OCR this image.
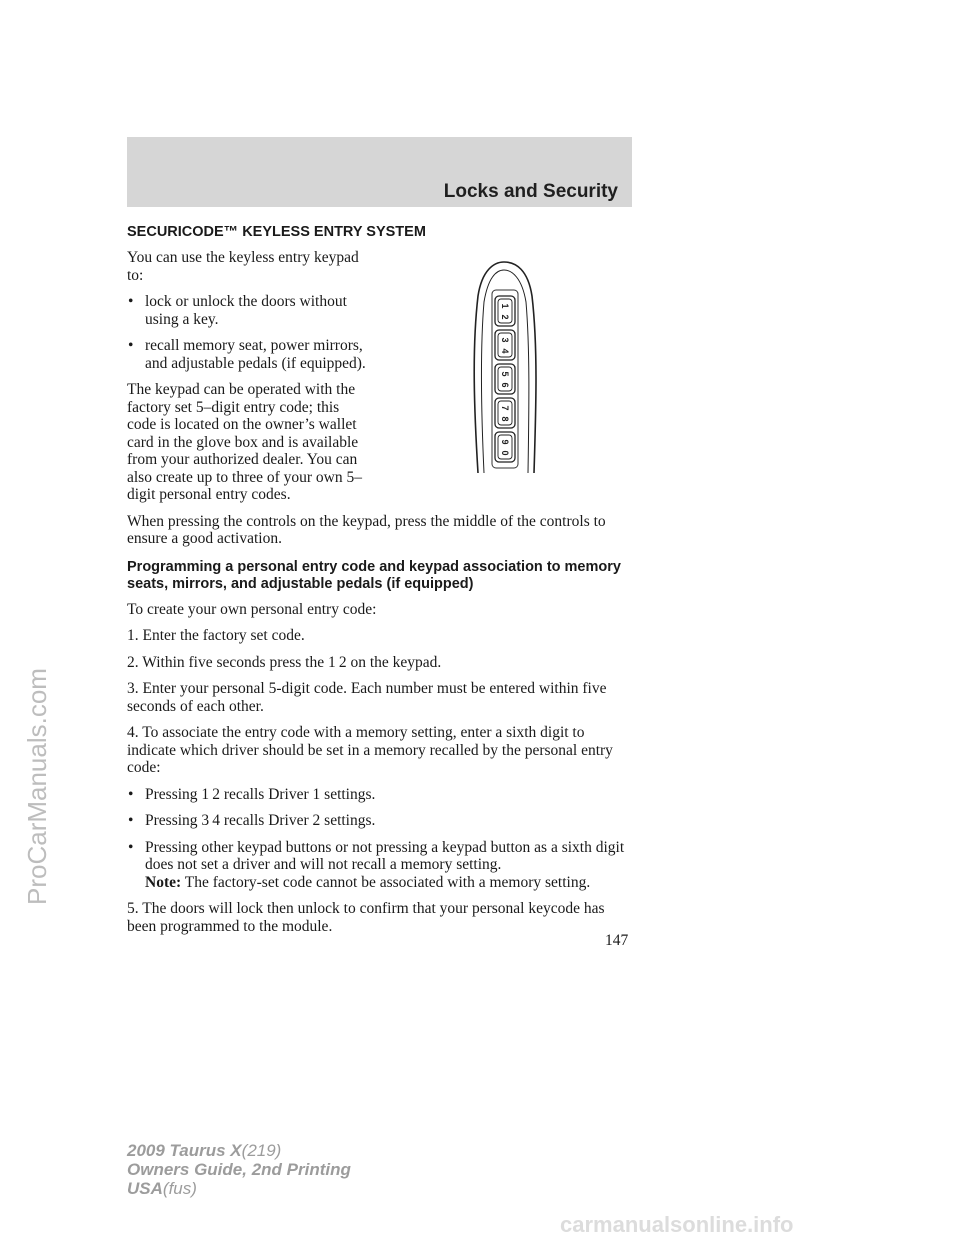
Locks and Security
SECURICODE™ KEYLESS ENTRY SYSTEM

You can use the keyless entry keypad to:

• lock or unlock the doors without using a key.
• recall memory seat, power mirrors, and adjustable pedals (if equipped).

The keypad can be operated with the factory set 5–digit entry code; this code is located on the owner’s wallet card in the glove box and is available from your authorized dealer. You can also create up to three of your own 5–digit personal entry codes.

When pressing the controls on the keypad, press the middle of the controls to ensure a good activation.

Programming a personal entry code and keypad association to memory seats, mirrors, and adjustable pedals (if equipped)

To create your own personal entry code:

1. Enter the factory set code.

2. Within five seconds press the 1 2 on the keypad.

3. Enter your personal 5-digit code. Each number must be entered within five seconds of each other.

4. To associate the entry code with a memory setting, enter a sixth digit to indicate which driver should be set in a memory recalled by the personal entry code:

• Pressing 1 2 recalls Driver 1 settings.
• Pressing 3 4 recalls Driver 2 settings.
• Pressing other keypad buttons or not pressing a keypad button as a sixth digit does not set a driver and will not recall a memory setting.
Note: The factory-set code cannot be associated with a memory setting.

5. The doors will lock then unlock to confirm that your personal keycode has been programmed to the module.

1
2
3
4
5
6
7
8
9
0
147
2009 Taurus X(219)
Owners Guide, 2nd Printing
USA(fus)
ProCarManuals.com
carmanualsonline.info
